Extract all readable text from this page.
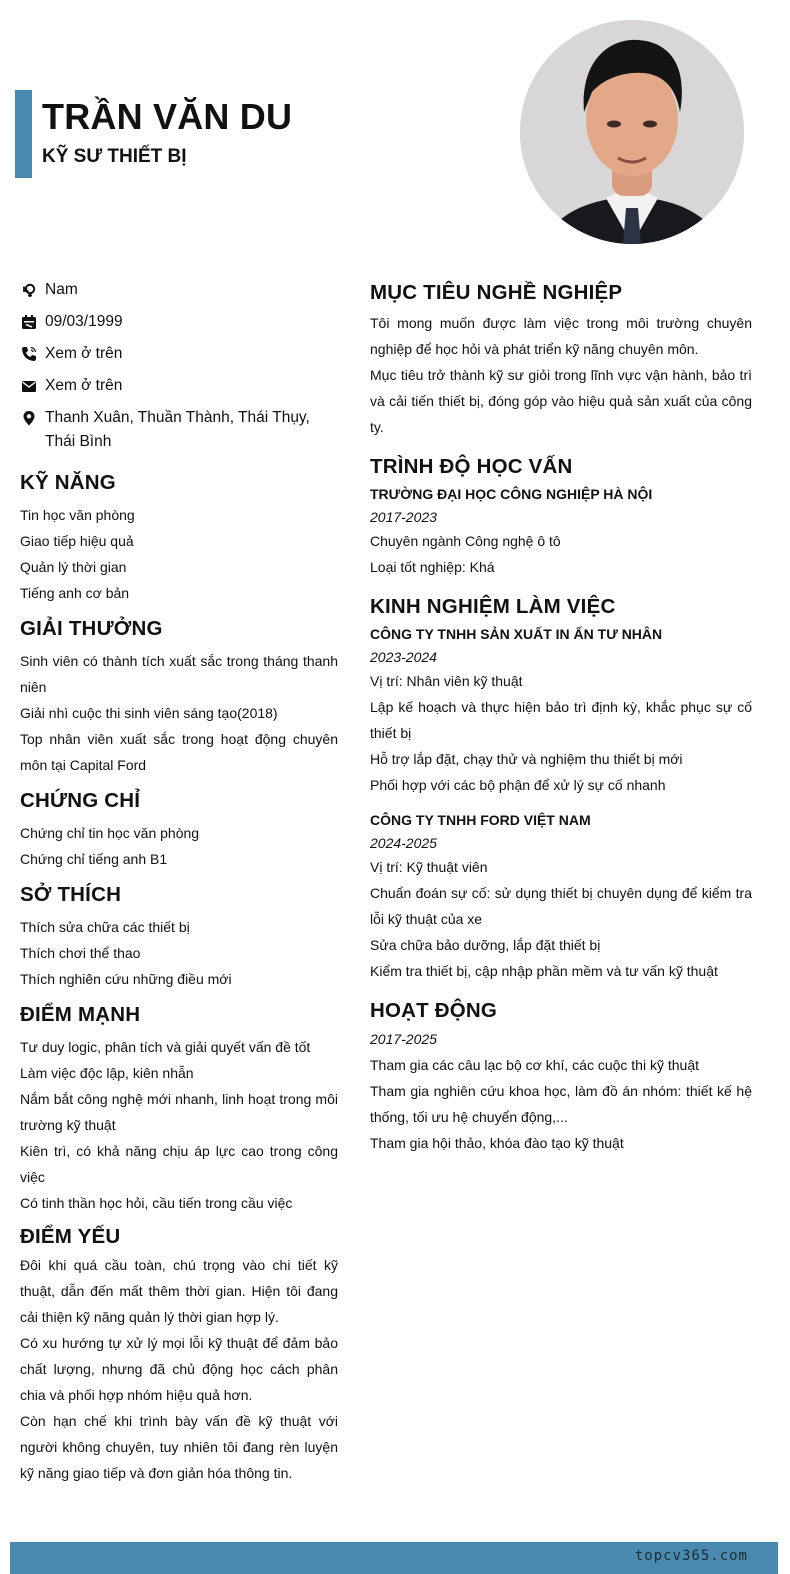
TRẦN VĂN DU
KỸ SƯ THIẾT BỊ
Nam
09/03/1999
Xem ở trên
Xem ở trên
Thanh Xuân, Thuần Thành, Thái Thụy, Thái Bình
KỸ NĂNG
Tin học văn phòng
Giao tiếp hiệu quả
Quản lý thời gian
Tiếng anh cơ bản
GIẢI THƯỞNG
Sinh viên có thành tích xuất sắc trong tháng thanh niên
Giải nhì cuộc thi sinh viên sáng tạo(2018)
Top nhân viên xuất sắc trong hoạt động chuyên môn tại Capital Ford
CHỨNG CHỈ
Chứng chỉ tin học văn phòng
Chứng chỉ tiếng anh B1
SỞ THÍCH
Thích sửa chữa các thiết bị
Thích chơi thể thao
Thích nghiên cứu những điều mới
ĐIỂM MẠNH
Tư duy logic, phân tích và giải quyết vấn đề tốt
Làm việc độc lập, kiên nhẫn
Nắm bắt công nghệ mới nhanh, linh hoạt trong môi trường kỹ thuật
Kiên trì, có khả năng chịu áp lực cao trong công việc
Có tinh thần học hỏi, cầu tiến trong cầu việc
ĐIỂM YẾU
Đôi khi quá cầu toàn, chú trọng vào chi tiết kỹ thuật, dẫn đến mất thêm thời gian. Hiện tôi đang cải thiện kỹ năng quản lý thời gian hợp lý.
Có xu hướng tự xử lý mọi lỗi kỹ thuật để đảm bảo chất lượng, nhưng đã chủ động học cách phân chia và phối hợp nhóm hiệu quả hơn.
Còn hạn chế khi trình bày vấn đề kỹ thuật với người không chuyên, tuy nhiên tôi đang rèn luyện kỹ năng giao tiếp và đơn giản hóa thông tin.
MỤC TIÊU NGHỀ NGHIỆP
Tôi mong muốn được làm việc trong môi trường chuyên nghiệp để học hỏi và phát triển kỹ năng chuyên môn.
Mục tiêu trở thành kỹ sư giỏi trong lĩnh vực vận hành, bảo trì và cải tiến thiết bị, đóng góp vào hiệu quả sản xuất của công ty.
TRÌNH ĐỘ HỌC VẤN
TRƯỜNG ĐẠI HỌC CÔNG NGHIỆP HÀ NỘI
2017-2023
Chuyên ngành Công nghệ ô tô
Loại tốt nghiệp: Khá
KINH NGHIỆM LÀM VIỆC
CÔNG TY TNHH SẢN XUẤT IN ẤN TƯ NHÂN
2023-2024
Vị trí: Nhân viên kỹ thuật
Lập kế hoạch và thực hiện bảo trì định kỳ, khắc phục sự cố thiết bị
Hỗ trợ lắp đặt, chạy thử và nghiệm thu thiết bị mới
Phối hợp với các bộ phận để xử lý sự cố nhanh
CÔNG TY TNHH FORD VIỆT NAM
2024-2025
Vị trí: Kỹ thuật viên
Chuẩn đoán sự cố: sử dụng thiết bị chuyên dụng để kiểm tra lỗi kỹ thuật của xe
Sửa chữa bảo dưỡng, lắp đặt thiết bị
Kiểm tra thiết bị, cập nhập phần mềm và tư vấn kỹ thuật
HOẠT ĐỘNG
2017-2025
Tham gia các câu lạc bộ cơ khí, các cuộc thi kỹ thuật
Tham gia nghiên cứu khoa học, làm đồ án nhóm: thiết kế hệ thống, tối ưu hệ chuyển động,...
Tham gia hội thảo, khóa đào tạo kỹ thuật
topcv365.com
